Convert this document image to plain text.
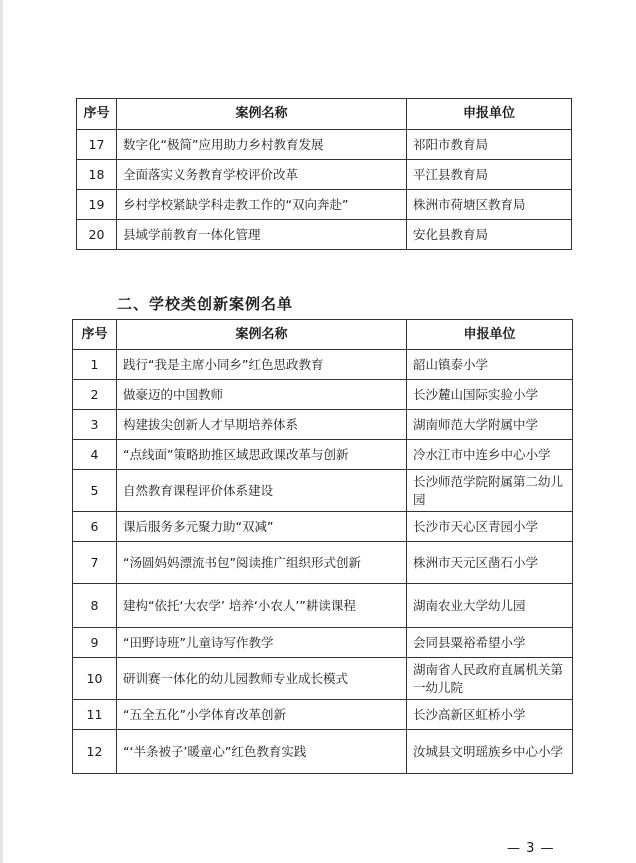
序号	案例名称	申报单位
17	数字化“极简”应用助力乡村教育发展	祁阳市教育局
18	全面落实义务教育学校评价改革	平江县教育局
19	乡村学校紧缺学科走教工作的“双向奔赴”	株洲市荷塘区教育局
20	县域学前教育一体化管理	安化县教育局
二、学校类创新案例名单
序号	案例名称	申报单位
1	践行“我是主席小同乡”红色思政教育	韶山镇泰小学
2	做豪迈的中国教师	长沙麓山国际实验小学
3	构建拔尖创新人才早期培养体系	湖南师范大学附属中学
4	“点线面”策略助推区域思政课改革与创新	冷水江市中连乡中心小学
5	自然教育课程评价体系建设	长沙师范学院附属第二幼儿园
6	课后服务多元聚力助“双减”	长沙市天心区青园小学
7	“汤圆妈妈漂流书包”阅读推广组织形式创新	株洲市天元区凿石小学
8	建构“依托‘大农学’ 培养‘小农人’”耕读课程	湖南农业大学幼儿园
9	“田野诗班”儿童诗写作教学	会同县粟裕希望小学
10	研训赛一体化的幼儿园教师专业成长模式	湖南省人民政府直属机关第一幼儿院
11	“五全五化”小学体育改革创新	长沙高新区虹桥小学
12	“‘半条被子’暖童心”红色教育实践	汝城县文明瑶族乡中心小学
— 3 —
